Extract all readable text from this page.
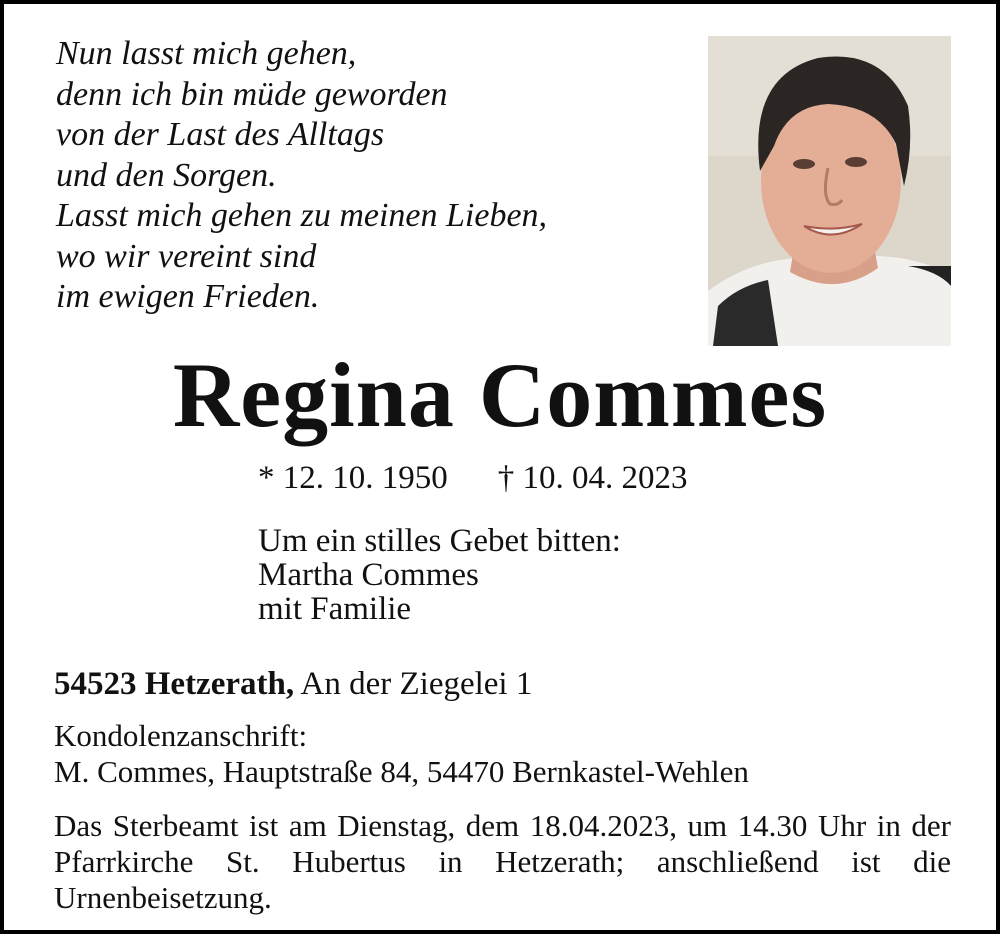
Nun lasst mich gehen,
denn ich bin müde geworden
von der Last des Alltags
und den Sorgen.
Lasst mich gehen zu meinen Lieben,
wo wir vereint sind
im ewigen Frieden.
Regina Commes
* 12. 10. 1950 † 10. 04. 2023
Um ein stilles Gebet bitten:
Martha Commes
mit Familie
54523 Hetzerath, An der Ziegelei 1
Kondolenzanschrift:
M. Commes, Hauptstraße 84, 54470 Bernkastel-Wehlen
Das Sterbeamt ist am Dienstag, dem 18.04.2023, um 14.30 Uhr in der Pfarrkirche St. Hubertus in Hetzerath; anschließend ist die Urnenbeisetzung.
